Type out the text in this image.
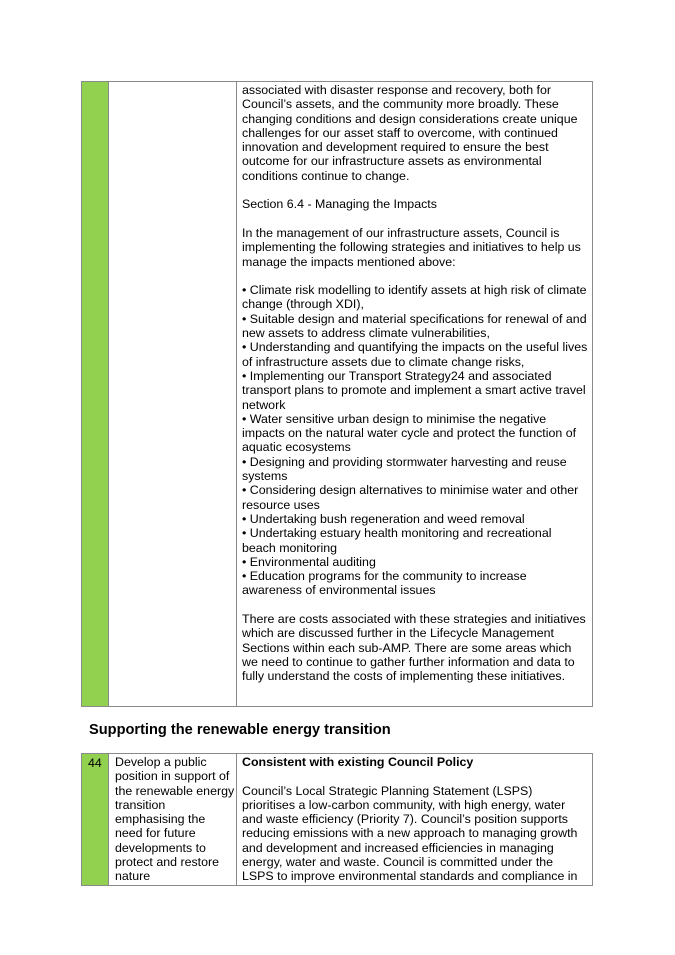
associated with disaster response and recovery, both for Council’s assets, and the community more broadly. These changing conditions and design considerations create unique challenges for our asset staff to overcome, with continued innovation and development required to ensure the best outcome for our infrastructure assets as environmental conditions continue to change.

Section 6.4 - Managing the Impacts

In the management of our infrastructure assets, Council is implementing the following strategies and initiatives to help us manage the impacts mentioned above:

• Climate risk modelling to identify assets at high risk of climate change (through XDI),

• Suitable design and material specifications for renewal of and new assets to address climate vulnerabilities,

• Understanding and quantifying the impacts on the useful lives of infrastructure assets due to climate change risks,

• Implementing our Transport Strategy24 and associated transport plans to promote and implement a smart active travel network

• Water sensitive urban design to minimise the negative impacts on the natural water cycle and protect the function of aquatic ecosystems

• Designing and providing stormwater harvesting and reuse systems

• Considering design alternatives to minimise water and other resource uses

• Undertaking bush regeneration and weed removal

• Undertaking estuary health monitoring and recreational beach monitoring

• Environmental auditing

• Education programs for the community to increase awareness of environmental issues

There are costs associated with these strategies and initiatives which are discussed further in the Lifecycle Management Sections within each sub-AMP. There are some areas which we need to continue to gather further information and data to fully understand the costs of implementing these initiatives.

Supporting the renewable energy transition
44	Develop a public position in support of the renewable energy transition emphasising the need for future developments to protect and restore nature

Consistent with existing Council Policy

Council’s Local Strategic Planning Statement (LSPS) prioritises a low-carbon community, with high energy, water and waste efficiency (Priority 7). Council’s position supports reducing emissions with a new approach to managing growth and development and increased efficiencies in managing energy, water and waste. Council is committed under the LSPS to improve environmental standards and compliance in
